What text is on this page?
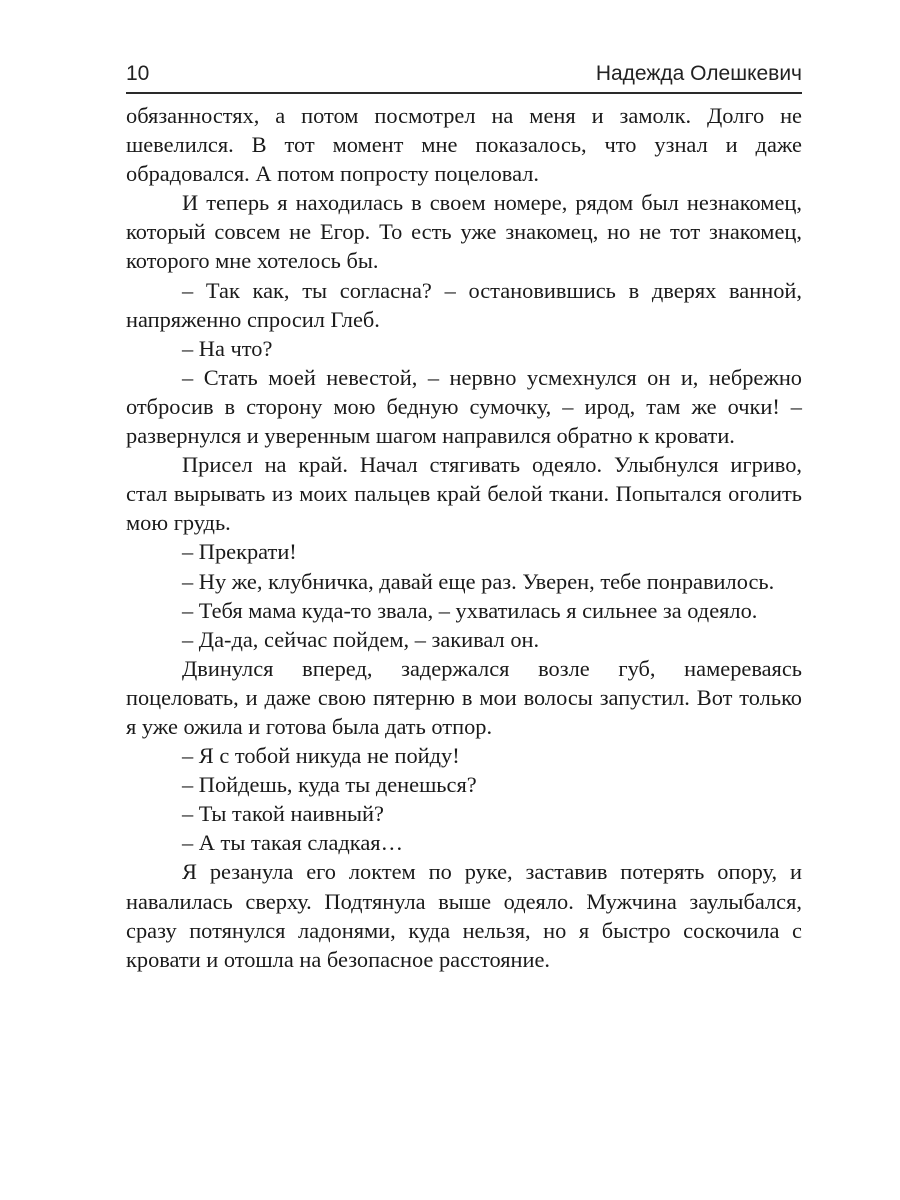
10	Надежда Олешкевич

обязанностях, а потом посмотрел на меня и замолк. Долго не шевелился. В тот момент мне показалось, что узнал и даже обрадовался. А потом попросту поцеловал.

И теперь я находилась в своем номере, рядом был незнакомец, который совсем не Егор. То есть уже знакомец, но не тот знакомец, которого мне хотелось бы.

– Так как, ты согласна? – остановившись в дверях ванной, напряженно спросил Глеб.

– На что?

– Стать моей невестой, – нервно усмехнулся он и, небрежно отбросив в сторону мою бедную сумочку, – ирод, там же очки! – развернулся и уверенным шагом направился обратно к кровати.

Присел на край. Начал стягивать одеяло. Улыбнулся игриво, стал вырывать из моих пальцев край белой ткани. Попытался оголить мою грудь.

– Прекрати!

– Ну же, клубничка, давай еще раз. Уверен, тебе понравилось.

– Тебя мама куда-то звала, – ухватилась я сильнее за одеяло.

– Да-да, сейчас пойдем, – закивал он.

Двинулся вперед, задержался возле губ, намереваясь поцеловать, и даже свою пятерню в мои волосы запустил. Вот только я уже ожила и готова была дать отпор.

– Я с тобой никуда не пойду!

– Пойдешь, куда ты денешься?

– Ты такой наивный?

– А ты такая сладкая…

Я резанула его локтем по руке, заставив потерять опору, и навалилась сверху. Подтянула выше одеяло. Мужчина заулыбался, сразу потянулся ладонями, куда нельзя, но я быстро соскочила с кровати и отошла на безопасное расстояние.
